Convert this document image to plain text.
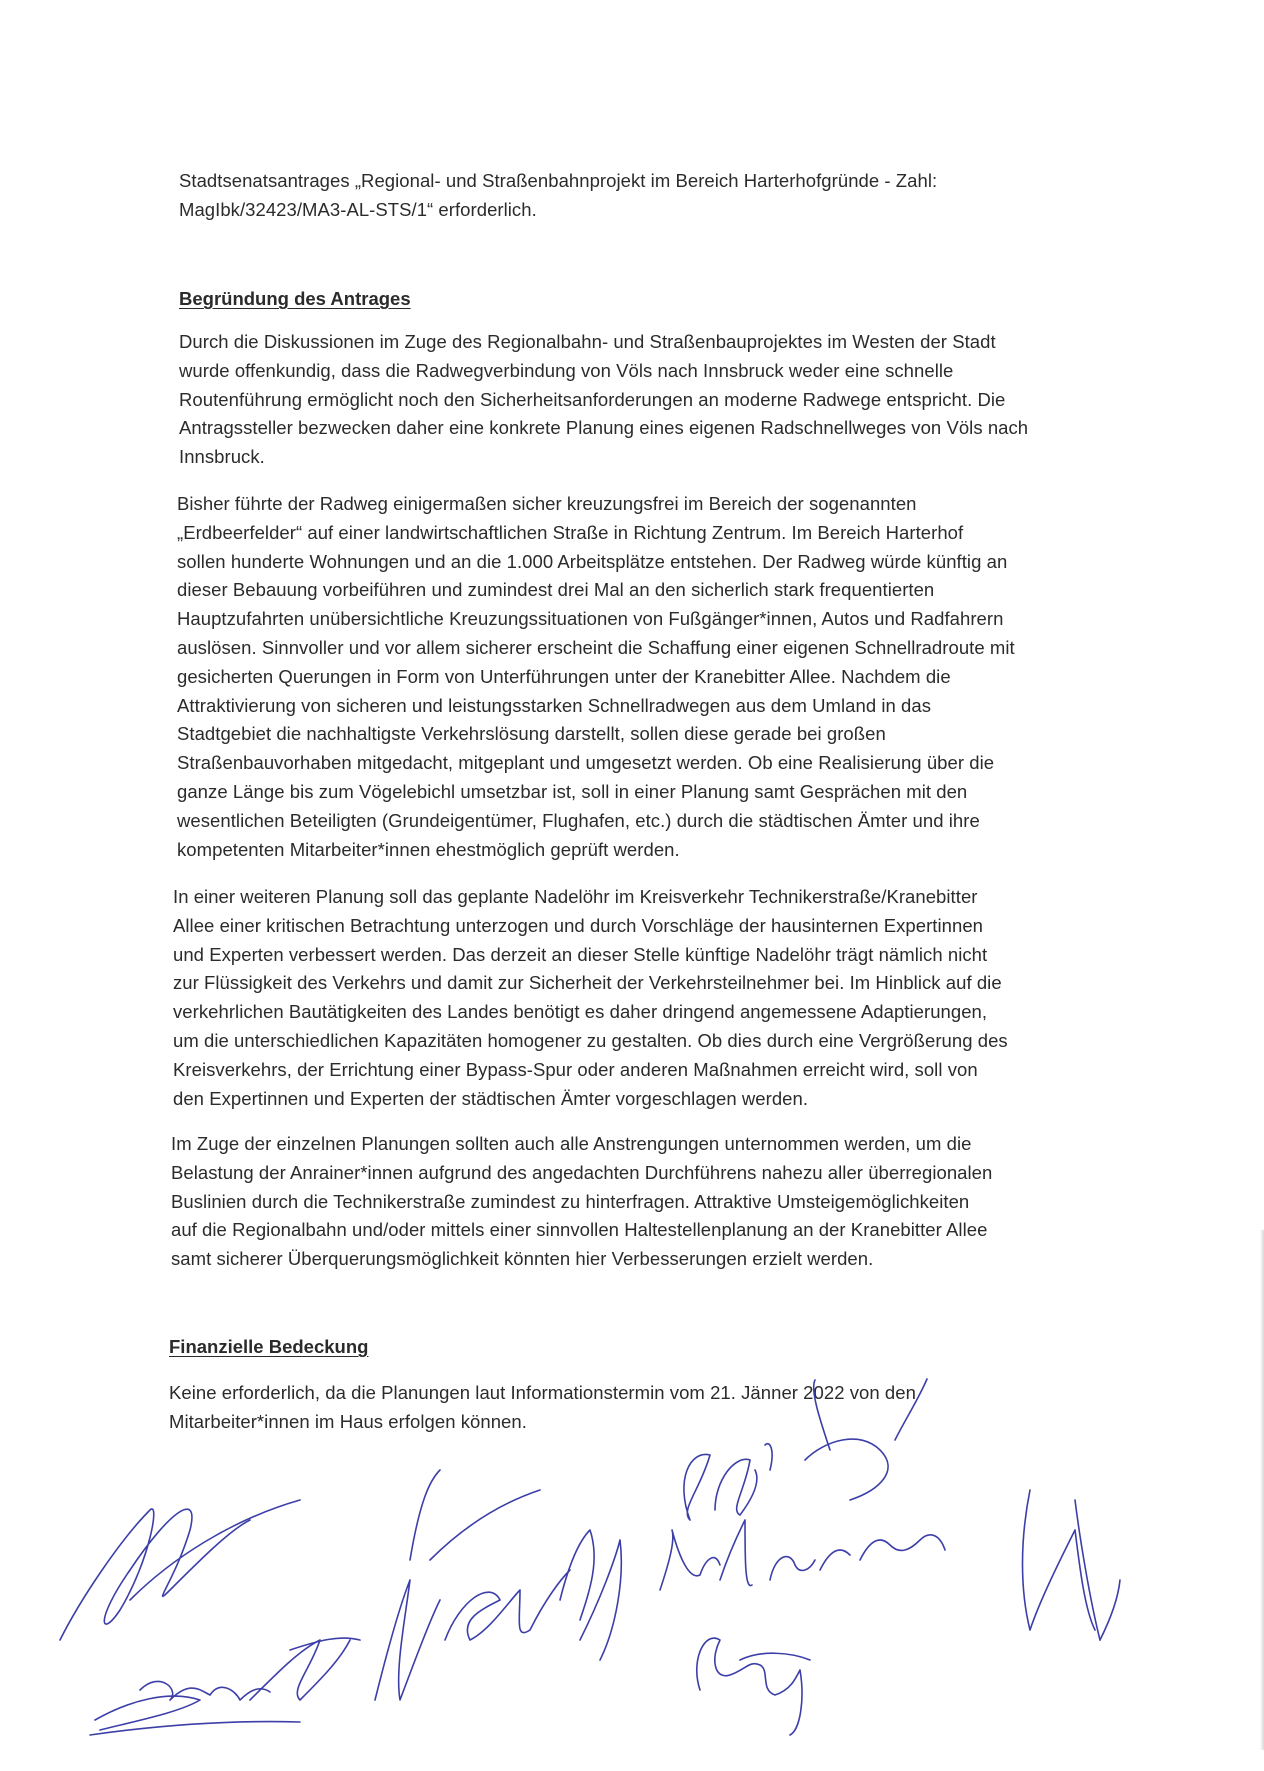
Stadtsenatsantrages „Regional- und Straßenbahnprojekt im Bereich Harterhofgründe - Zahl:

MagIbk/32423/MA3-AL-STS/1“ erforderlich.

Begründung des Antrages

Durch die Diskussionen im Zuge des Regionalbahn- und Straßenbauprojektes im Westen der Stadt

wurde offenkundig, dass die Radwegverbindung von Völs nach Innsbruck weder eine schnelle

Routenführung ermöglicht noch den Sicherheitsanforderungen an moderne Radwege entspricht. Die

Antragssteller bezwecken daher eine konkrete Planung eines eigenen Radschnellweges von Völs nach

Innsbruck.

Bisher führte der Radweg einigermaßen sicher kreuzungsfrei im Bereich der sogenannten

„Erdbeerfelder“ auf einer landwirtschaftlichen Straße in Richtung Zentrum. Im Bereich Harterhof

sollen hunderte Wohnungen und an die 1.000 Arbeitsplätze entstehen. Der Radweg würde künftig an

dieser Bebauung vorbeiführen und zumindest drei Mal an den sicherlich stark frequentierten

Hauptzufahrten unübersichtliche Kreuzungssituationen von Fußgänger*innen, Autos und Radfahrern

auslösen. Sinnvoller und vor allem sicherer erscheint die Schaffung einer eigenen Schnellradroute mit

gesicherten Querungen in Form von Unterführungen unter der Kranebitter Allee. Nachdem die

Attraktivierung von sicheren und leistungsstarken Schnellradwegen aus dem Umland in das

Stadtgebiet die nachhaltigste Verkehrslösung darstellt, sollen diese gerade bei großen

Straßenbauvorhaben mitgedacht, mitgeplant und umgesetzt werden. Ob eine Realisierung über die

ganze Länge bis zum Vögelebichl umsetzbar ist, soll in einer Planung samt Gesprächen mit den

wesentlichen Beteiligten (Grundeigentümer, Flughafen, etc.) durch die städtischen Ämter und ihre

kompetenten Mitarbeiter*innen ehestmöglich geprüft werden.

In einer weiteren Planung soll das geplante Nadelöhr im Kreisverkehr Technikerstraße/Kranebitter

Allee einer kritischen Betrachtung unterzogen und durch Vorschläge der hausinternen Expertinnen

und Experten verbessert werden. Das derzeit an dieser Stelle künftige Nadelöhr trägt nämlich nicht

zur Flüssigkeit des Verkehrs und damit zur Sicherheit der Verkehrsteilnehmer bei. Im Hinblick auf die

verkehrlichen Bautätigkeiten des Landes benötigt es daher dringend angemessene Adaptierungen,

um die unterschiedlichen Kapazitäten homogener zu gestalten. Ob dies durch eine Vergrößerung des

Kreisverkehrs, der Errichtung einer Bypass-Spur oder anderen Maßnahmen erreicht wird, soll von

den Expertinnen und Experten der städtischen Ämter vorgeschlagen werden.

Im Zuge der einzelnen Planungen sollten auch alle Anstrengungen unternommen werden, um die

Belastung der Anrainer*innen aufgrund des angedachten Durchführens nahezu aller überregionalen

Buslinien durch die Technikerstraße zumindest zu hinterfragen. Attraktive Umsteigemöglichkeiten

auf die Regionalbahn und/oder mittels einer sinnvollen Haltestellenplanung an der Kranebitter Allee

samt sicherer Überquerungsmöglichkeit könnten hier Verbesserungen erzielt werden.

Finanzielle Bedeckung

Keine erforderlich, da die Planungen laut Informationstermin vom 21. Jänner 2022 von den

Mitarbeiter*innen im Haus erfolgen können.
